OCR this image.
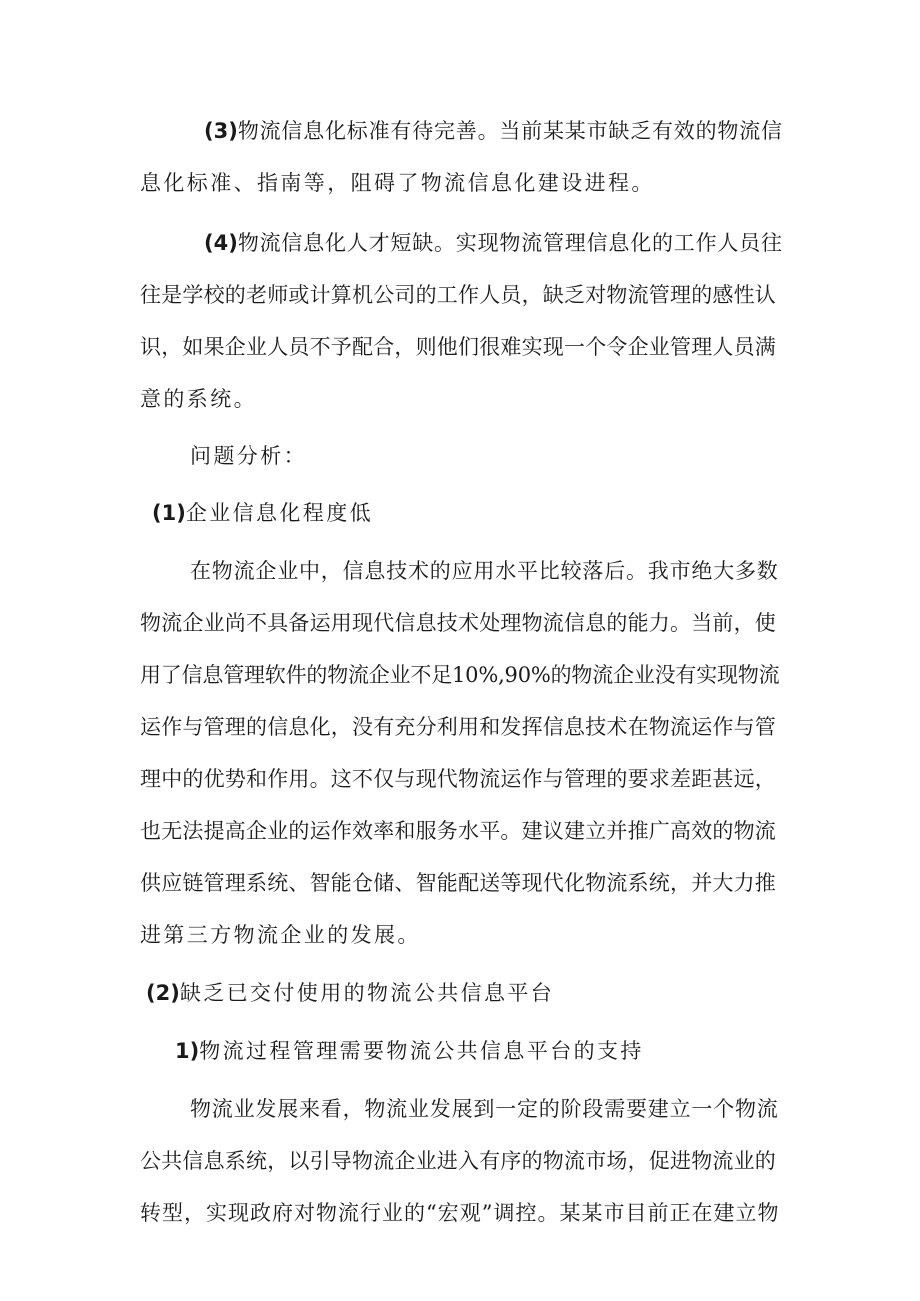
(3)物流信息化标准有待完善。当前某某市缺乏有效的物流信
息化标准、指南等，阻碍了物流信息化建设进程。
(4)物流信息化人才短缺。实现物流管理信息化的工作人员往
往是学校的老师或计算机公司的工作人员，缺乏对物流管理的感性认
识，如果企业人员不予配合，则他们很难实现一个令企业管理人员满
意的系统。
问题分析：
(1)企业信息化程度低
在物流企业中，信息技术的应用水平比较落后。我市绝大多数
物流企业尚不具备运用现代信息技术处理物流信息的能力。当前，使
用了信息管理软件的物流企业不足10%,90%的物流企业没有实现物流
运作与管理的信息化，没有充分利用和发挥信息技术在物流运作与管
理中的优势和作用。这不仅与现代物流运作与管理的要求差距甚远，
也无法提高企业的运作效率和服务水平。建议建立并推广高效的物流
供应链管理系统、智能仓储、智能配送等现代化物流系统，并大力推
进第三方物流企业的发展。
(2)缺乏已交付使用的物流公共信息平台
1)物流过程管理需要物流公共信息平台的支持
物流业发展来看，物流业发展到一定的阶段需要建立一个物流
公共信息系统，以引导物流企业进入有序的物流市场，促进物流业的
转型，实现政府对物流行业的“宏观”调控。某某市目前正在建立物
